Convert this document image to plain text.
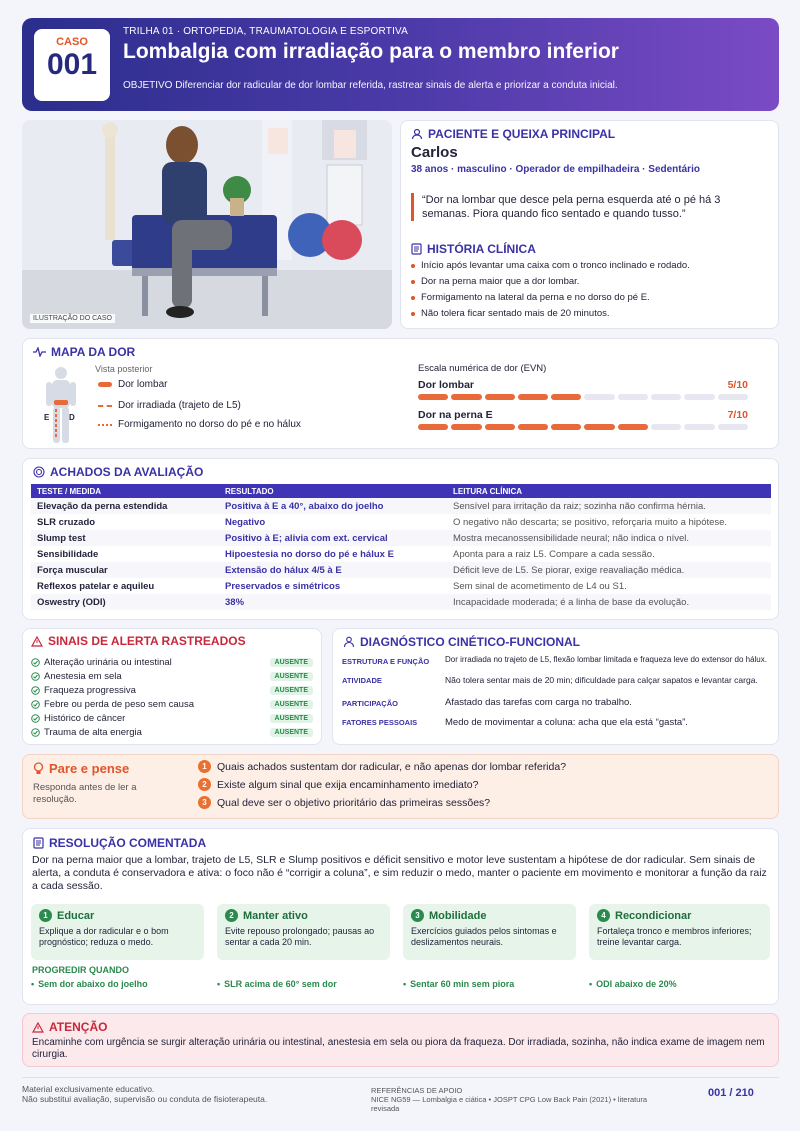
CASO
001
TRILHA 01 · ORTOPEDIA, TRAUMATOLOGIA E ESPORTIVA
Lombalgia com irradiação para o membro inferior
OBJETIVO Diferenciar dor radicular de dor lombar referida, rastrear sinais de alerta e priorizar a conduta inicial.
ILUSTRAÇÃO DO CASO
PACIENTE E QUEIXA PRINCIPAL
Carlos
38 anos · masculino · Operador de empilhadeira · Sedentário
“Dor na lombar que desce pela perna esquerda até o pé há 3 semanas. Piora quando fico sentado e quando tusso.”
HISTÓRIA CLÍNICA
Início após levantar uma caixa com o tronco inclinado e rodado.
Dor na perna maior que a dor lombar.
Formigamento na lateral da perna e no dorso do pé E.
Não tolera ficar sentado mais de 20 minutos.
MAPA DA DOR
E D
Vista posterior
Dor lombar
Dor irradiada (trajeto de L5)
Formigamento no dorso do pé e no hálux
Escala numérica de dor (EVN)
Dor lombar	5/10
Dor na perna E	7/10
ACHADOS DA AVALIAÇÃO
TESTE / MEDIDA	RESULTADO	LEITURA CLÍNICA
Elevação da perna estendida	Positiva à E a 40°, abaixo do joelho	Sensível para irritação da raiz; sozinha não confirma hérnia.
SLR cruzado	Negativo	O negativo não descarta; se positivo, reforçaria muito a hipótese.
Slump test	Positivo à E; alivia com ext. cervical	Mostra mecanossensibilidade neural; não indica o nível.
Sensibilidade	Hipoestesia no dorso do pé e hálux E	Aponta para a raiz L5. Compare a cada sessão.
Força muscular	Extensão do hálux 4/5 à E	Déficit leve de L5. Se piorar, exige reavaliação médica.
Reflexos patelar e aquileu	Preservados e simétricos	Sem sinal de acometimento de L4 ou S1.
Oswestry (ODI)	38%	Incapacidade moderada; é a linha de base da evolução.
SINAIS DE ALERTA RASTREADOS
Alteração urinária ou intestinal	AUSENTE
Anestesia em sela	AUSENTE
Fraqueza progressiva	AUSENTE
Febre ou perda de peso sem causa	AUSENTE
Histórico de câncer	AUSENTE
Trauma de alta energia	AUSENTE
DIAGNÓSTICO CINÉTICO-FUNCIONAL
ESTRUTURA E FUNÇÃO	Dor irradiada no trajeto de L5, flexão lombar limitada e fraqueza leve do extensor do hálux.
ATIVIDADE	Não tolera sentar mais de 20 min; dificuldade para calçar sapatos e levantar carga.
PARTICIPAÇÃO	Afastado das tarefas com carga no trabalho.
FATORES PESSOAIS	Medo de movimentar a coluna: acha que ela está “gasta”.
Pare e pense
Responda antes de ler a resolução.
1 Quais achados sustentam dor radicular, e não apenas dor lombar referida?
2 Existe algum sinal que exija encaminhamento imediato?
3 Qual deve ser o objetivo prioritário das primeiras sessões?
RESOLUÇÃO COMENTADA
Dor na perna maior que a lombar, trajeto de L5, SLR e Slump positivos e déficit sensitivo e motor leve sustentam a hipótese de dor radicular. Sem sinais de alerta, a conduta é conservadora e ativa: o foco não é “corrigir a coluna”, e sim reduzir o medo, manter o paciente em movimento e monitorar a função da raiz a cada sessão.
PROGREDIR QUANDO
1 Educar
Explique a dor radicular e o bom prognóstico; reduza o medo.
2 Manter ativo
Evite repouso prolongado; pausas ao sentar a cada 20 min.
3 Mobilidade
Exercícios guiados pelos sintomas e deslizamentos neurais.
4 Recondicionar
Fortaleça tronco e membros inferiores; treine levantar carga.
• Sem dor abaixo do joelho	• SLR acima de 60° sem dor	• Sentar 60 min sem piora	• ODI abaixo de 20%
ATENÇÃO
Encaminhe com urgência se surgir alteração urinária ou intestinal, anestesia em sela ou piora da fraqueza. Dor irradiada, sozinha, não indica exame de imagem nem cirurgia.
Material exclusivamente educativo.
Não substitui avaliação, supervisão ou conduta de fisioterapeuta.
REFERÊNCIAS DE APOIO
NICE NG59 — Lombalgia e ciática • JOSPT CPG Low Back Pain (2021) • literatura revisada
001 / 210
